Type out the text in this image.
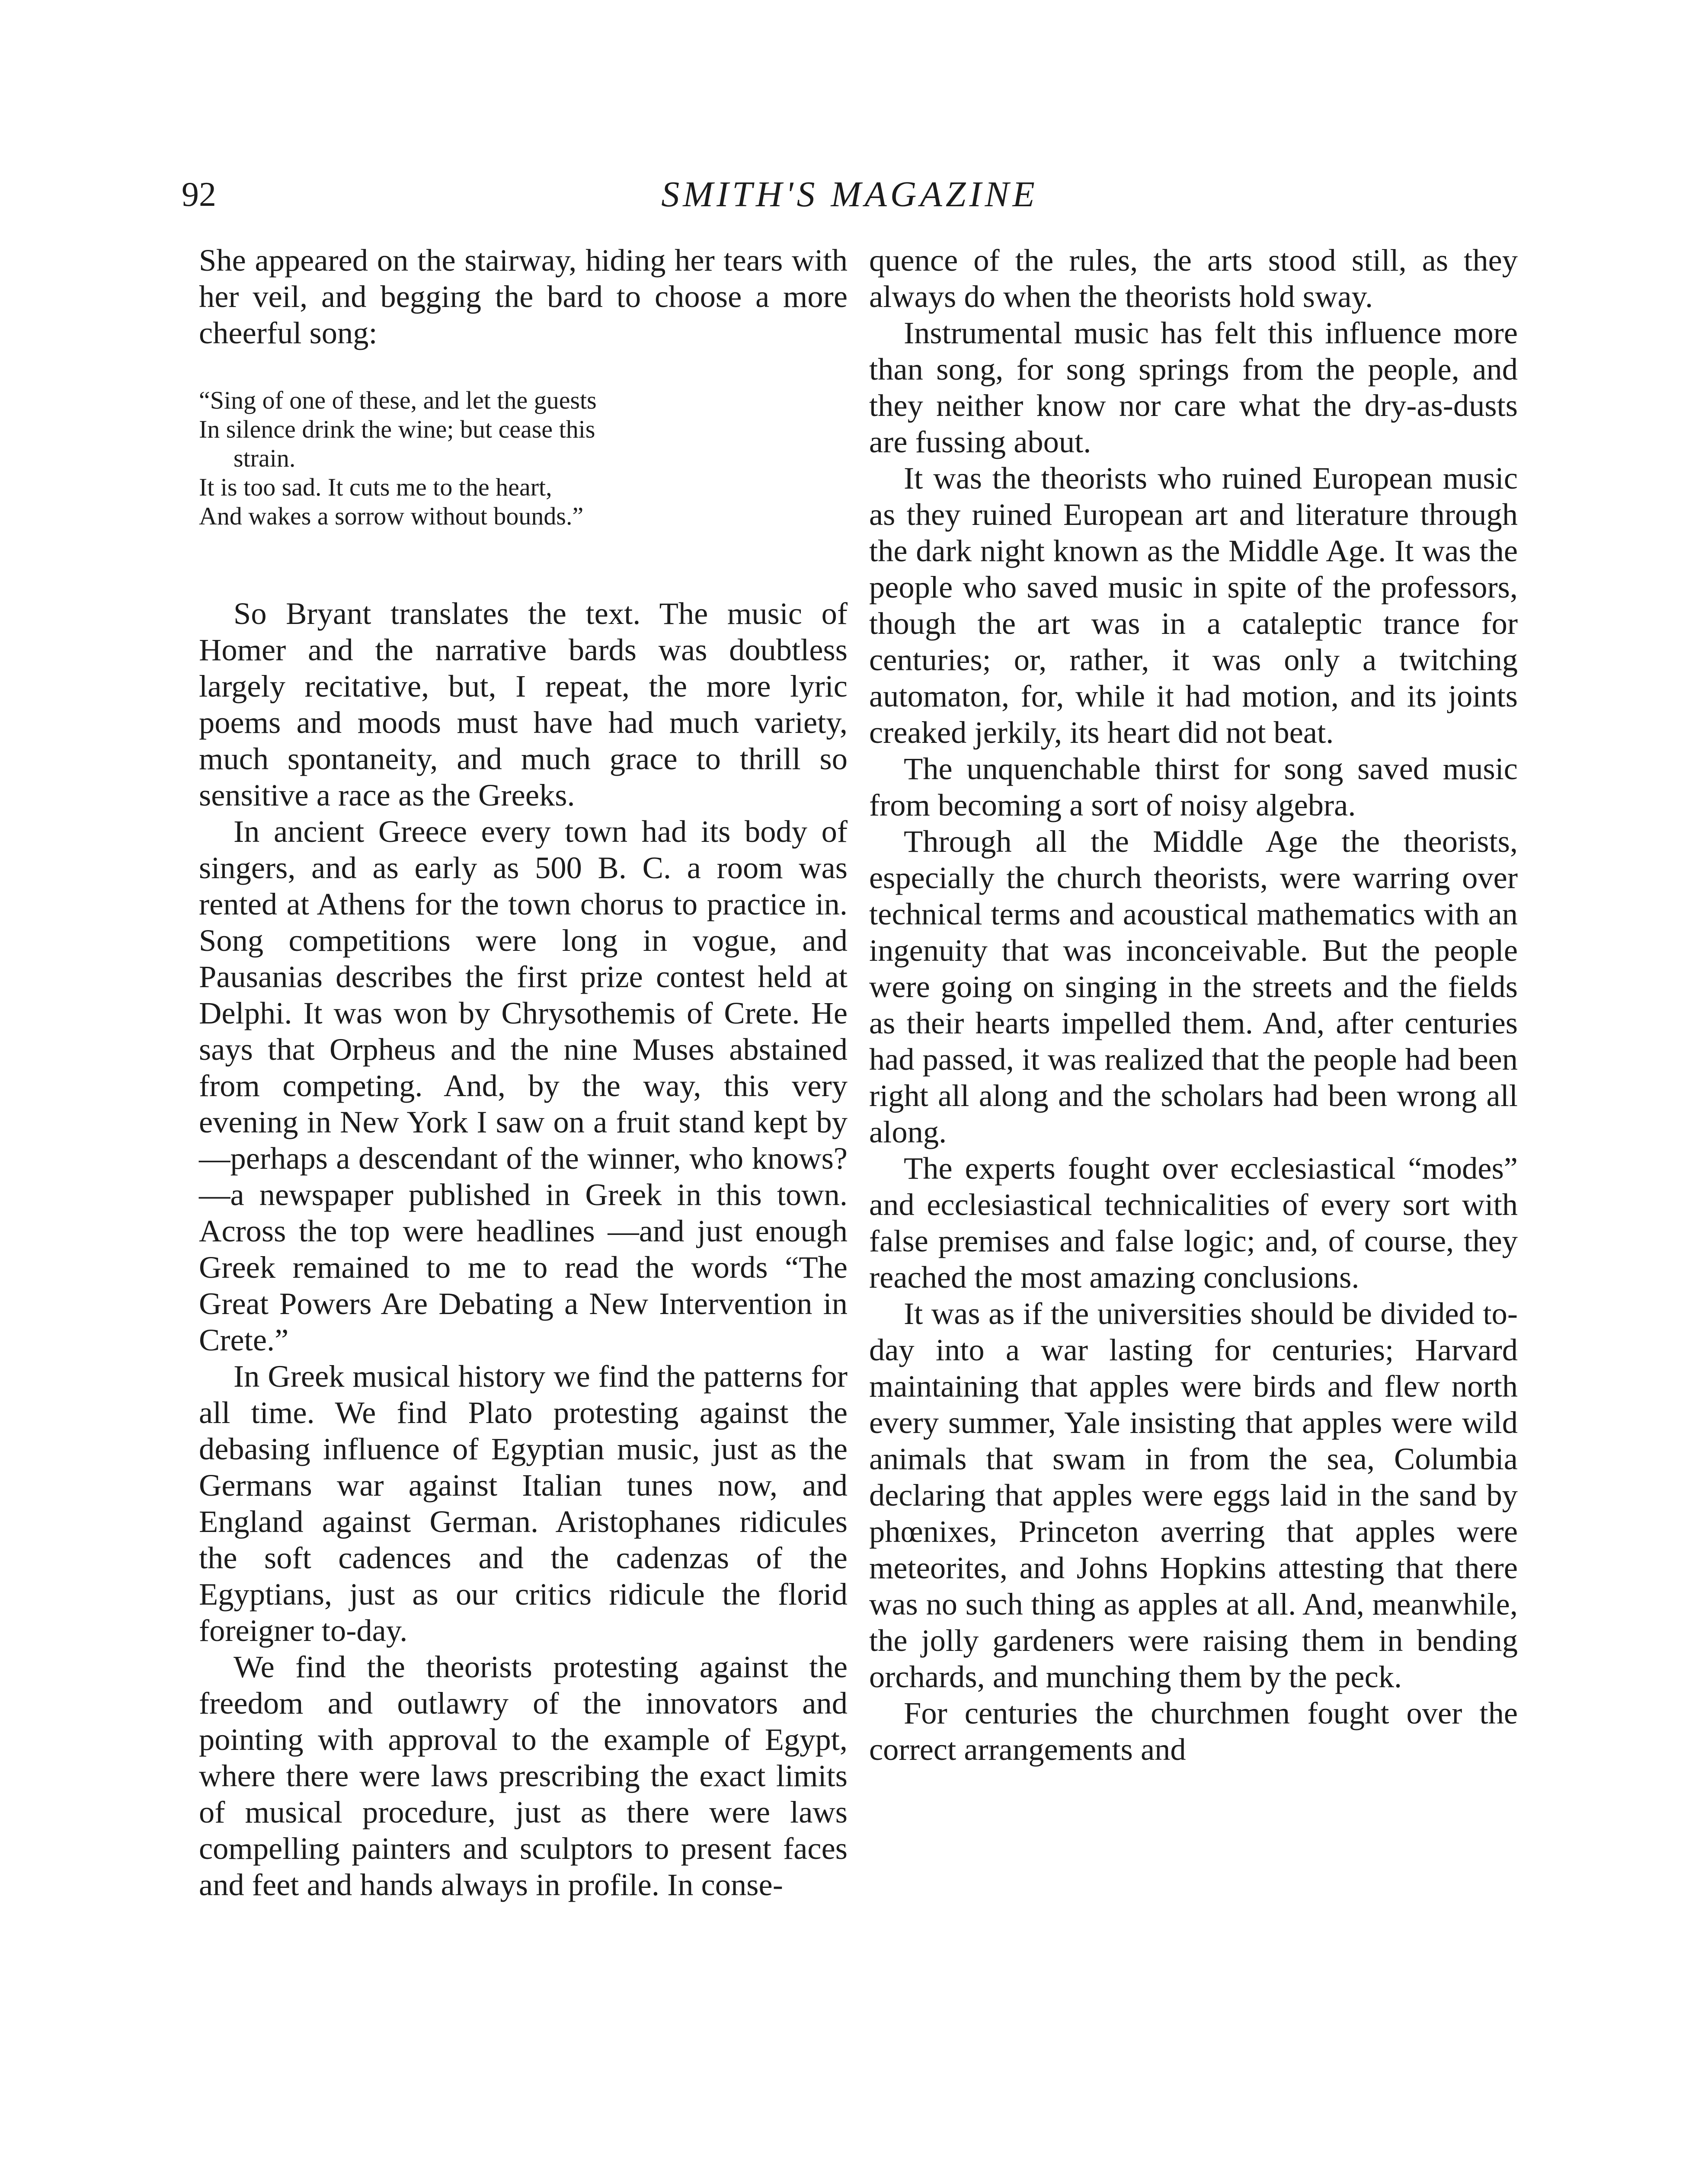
92	SMITH'S MAGAZINE

She appeared on the stairway, hiding her tears with her veil, and begging the bard to choose a more cheerful song:

“Sing of one of these, and let the guests
In silence drink the wine; but cease this
strain.
It is too sad. It cuts me to the heart,
And wakes a sorrow without bounds.”

So Bryant translates the text. The music of Homer and the narrative bards was doubtless largely recitative, but, I repeat, the more lyric poems and moods must have had much variety, much spontaneity, and much grace to thrill so sensitive a race as the Greeks.

In ancient Greece every town had its body of singers, and as early as 500 B. C. a room was rented at Athens for the town chorus to practice in. Song competitions were long in vogue, and Pausanias describes the first prize contest held at Delphi. It was won by Chrysothemis of Crete. He says that Orpheus and the nine Muses abstained from competing. And, by the way, this very evening in New York I saw on a fruit stand kept by—perhaps a descendant of the winner, who knows?—a newspaper published in Greek in this town. Across the top were headlines —and just enough Greek remained to me to read the words “The Great Powers Are Debating a New Intervention in Crete.”

In Greek musical history we find the patterns for all time. We find Plato protesting against the debasing influence of Egyptian music, just as the Germans war against Italian tunes now, and England against German. Aristophanes ridicules the soft cadences and the cadenzas of the Egyptians, just as our critics ridicule the florid foreigner to-day.

We find the theorists protesting against the freedom and outlawry of the innovators and pointing with approval to the example of Egypt, where there were laws prescribing the exact limits of musical procedure, just as there were laws compelling painters and sculptors to present faces and feet and hands always in profile. In conse-

quence of the rules, the arts stood still, as they always do when the theorists hold sway.

Instrumental music has felt this influence more than song, for song springs from the people, and they neither know nor care what the dry-as-dusts are fussing about.

It was the theorists who ruined European music as they ruined European art and literature through the dark night known as the Middle Age. It was the people who saved music in spite of the professors, though the art was in a cataleptic trance for centuries; or, rather, it was only a twitching automaton, for, while it had motion, and its joints creaked jerkily, its heart did not beat.

The unquenchable thirst for song saved music from becoming a sort of noisy algebra.

Through all the Middle Age the theorists, especially the church theorists, were warring over technical terms and acoustical mathematics with an ingenuity that was inconceivable. But the people were going on singing in the streets and the fields as their hearts impelled them. And, after centuries had passed, it was realized that the people had been right all along and the scholars had been wrong all along.

The experts fought over ecclesiastical “modes” and ecclesiastical technicalities of every sort with false premises and false logic; and, of course, they reached the most amazing conclusions.

It was as if the universities should be divided to-day into a war lasting for centuries; Harvard maintaining that apples were birds and flew north every summer, Yale insisting that apples were wild animals that swam in from the sea, Columbia declaring that apples were eggs laid in the sand by phœnixes, Princeton averring that apples were meteorites, and Johns Hopkins attesting that there was no such thing as apples at all. And, meanwhile, the jolly gardeners were raising them in bending orchards, and munching them by the peck.

For centuries the churchmen fought over the correct arrangements and
